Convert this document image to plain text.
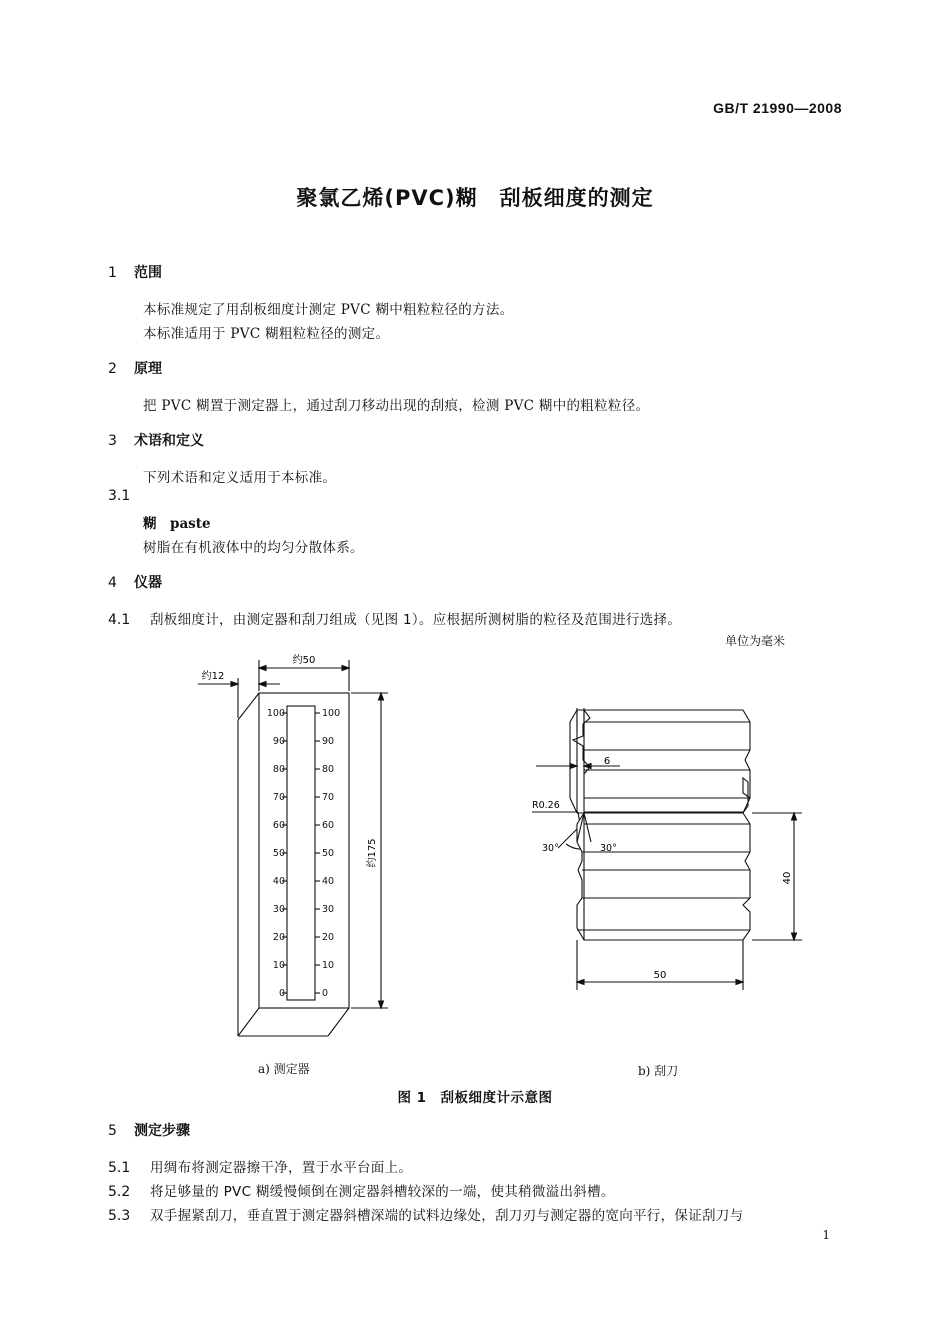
GB/T 21990—2008
聚氯乙烯(PVC)糊　刮板细度的测定
1 范围
本标准规定了用刮板细度计测定 PVC 糊中粗粒粒径的方法。
本标准适用于 PVC 糊粗粒粒径的测定。
2 原理
把 PVC 糊置于测定器上，通过刮刀移动出现的刮痕，检测 PVC 糊中的粗粒粒径。
3 术语和定义
下列术语和定义适用于本标准。
3.1
糊　paste
树脂在有机液体中的均匀分散体系。
4 仪器
4.1 刮板细度计，由测定器和刮刀组成（见图 1）。应根据所测树脂的粒径及范围进行选择。
单位为毫米
约50
约12
约175
100
90
80
70
60
50
40
30
20
10
0
100
90
80
70
60
50
40
30
20
10
0
6
R0.26
30°	30°
40
50
a) 测定器	b) 刮刀
图 1　刮板细度计示意图
5 测定步骤
5.1 用绸布将测定器擦干净，置于水平台面上。
5.2 将足够量的 PVC 糊缓慢倾倒在测定器斜槽较深的一端，使其稍微溢出斜槽。
5.3 双手握紧刮刀，垂直置于测定器斜槽深端的试料边缘处，刮刀刃与测定器的宽向平行，保证刮刀与
1
